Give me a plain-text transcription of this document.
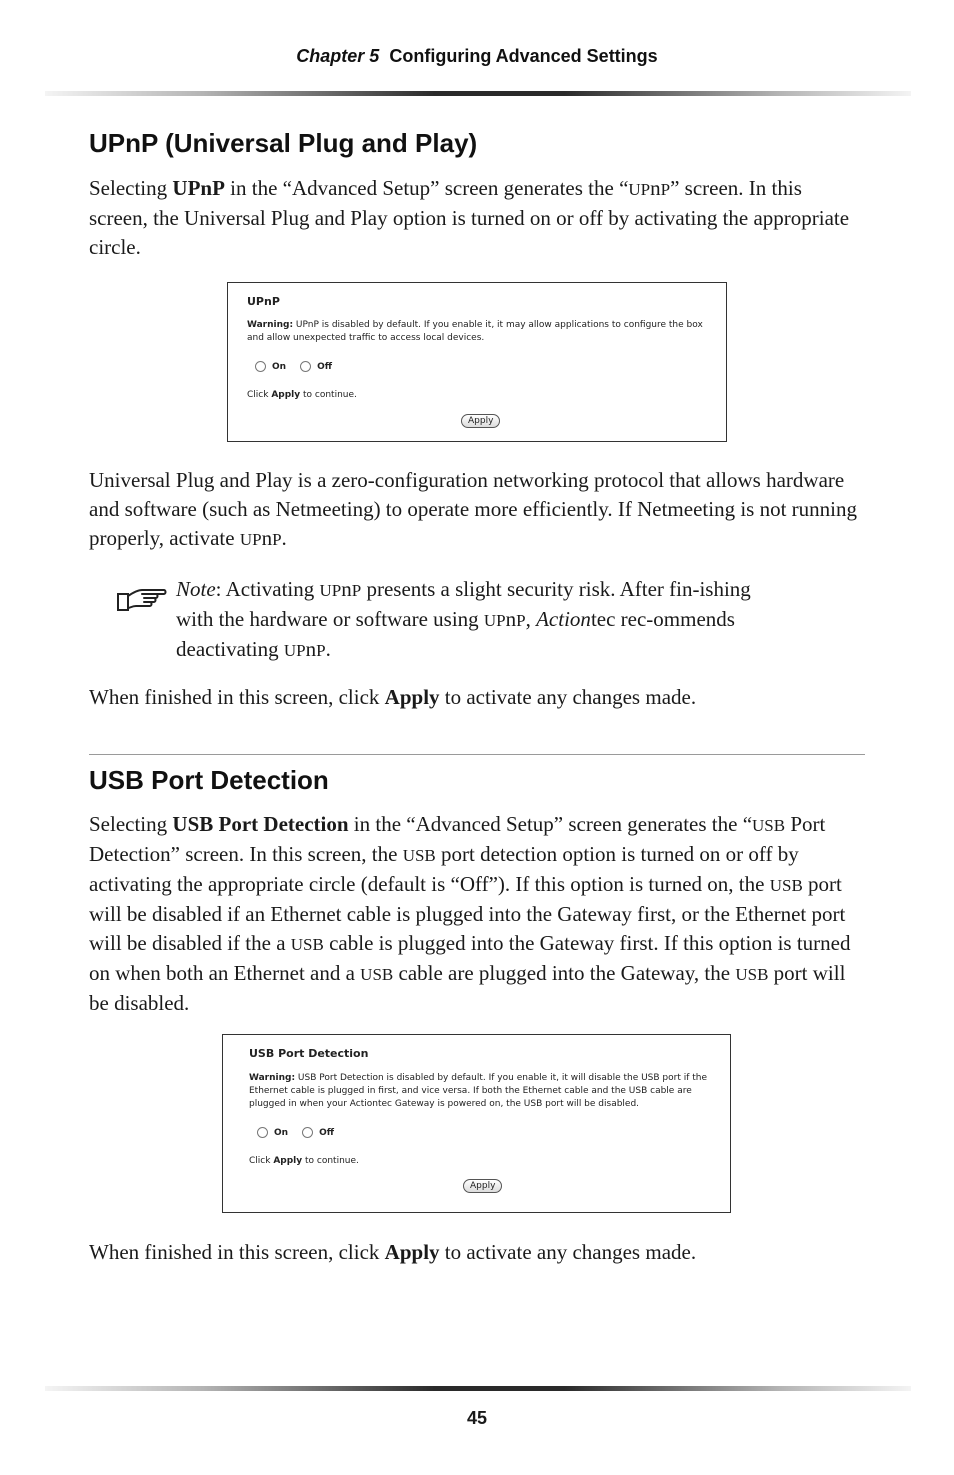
Chapter 5 Configuring Advanced Settings
UPnP (Universal Plug and Play)

Selecting UPnP in the “Advanced Setup” screen generates the “UPnP” screen. In this screen, the Universal Plug and Play option is turned on or off by activating the appropriate circle.

UPnP
Warning: UPnP is disabled by default. If you enable it, it may allow applications to configure the box and allow unexpected traffic to access local devices.
On	Off
Click Apply to continue.
Apply

Universal Plug and Play is a zero-configuration networking protocol that allows hardware and software (such as Netmeeting) to operate more efficiently. If Netmeeting is not running properly, activate UPnP.

Note: Activating UPnP presents a slight security risk. After fin-ishing with the hardware or software using UPnP, Actiontec rec-ommends deactivating UPnP.

When finished in this screen, click Apply to activate any changes made.

USB Port Detection

Selecting USB Port Detection in the “Advanced Setup” screen generates the “USB Port Detection” screen. In this screen, the USB port detection option is turned on or off by activating the appropriate circle (default is “Off”). If this option is turned on, the USB port will be disabled if an Ethernet cable is plugged into the Gateway first, or the Ethernet port will be disabled if the a USB cable is plugged into the Gateway first. If this option is turned on when both an Ethernet and a USB cable are plugged into the Gateway, the USB port will be disabled.

USB Port Detection
Warning: USB Port Detection is disabled by default. If you enable it, it will disable the USB port if the Ethernet cable is plugged in first, and vice versa. If both the Ethernet cable and the USB cable are plugged in when your Actiontec Gateway is powered on, the USB port will be disabled.
On	Off
Click Apply to continue.
Apply

When finished in this screen, click Apply to activate any changes made.

45
